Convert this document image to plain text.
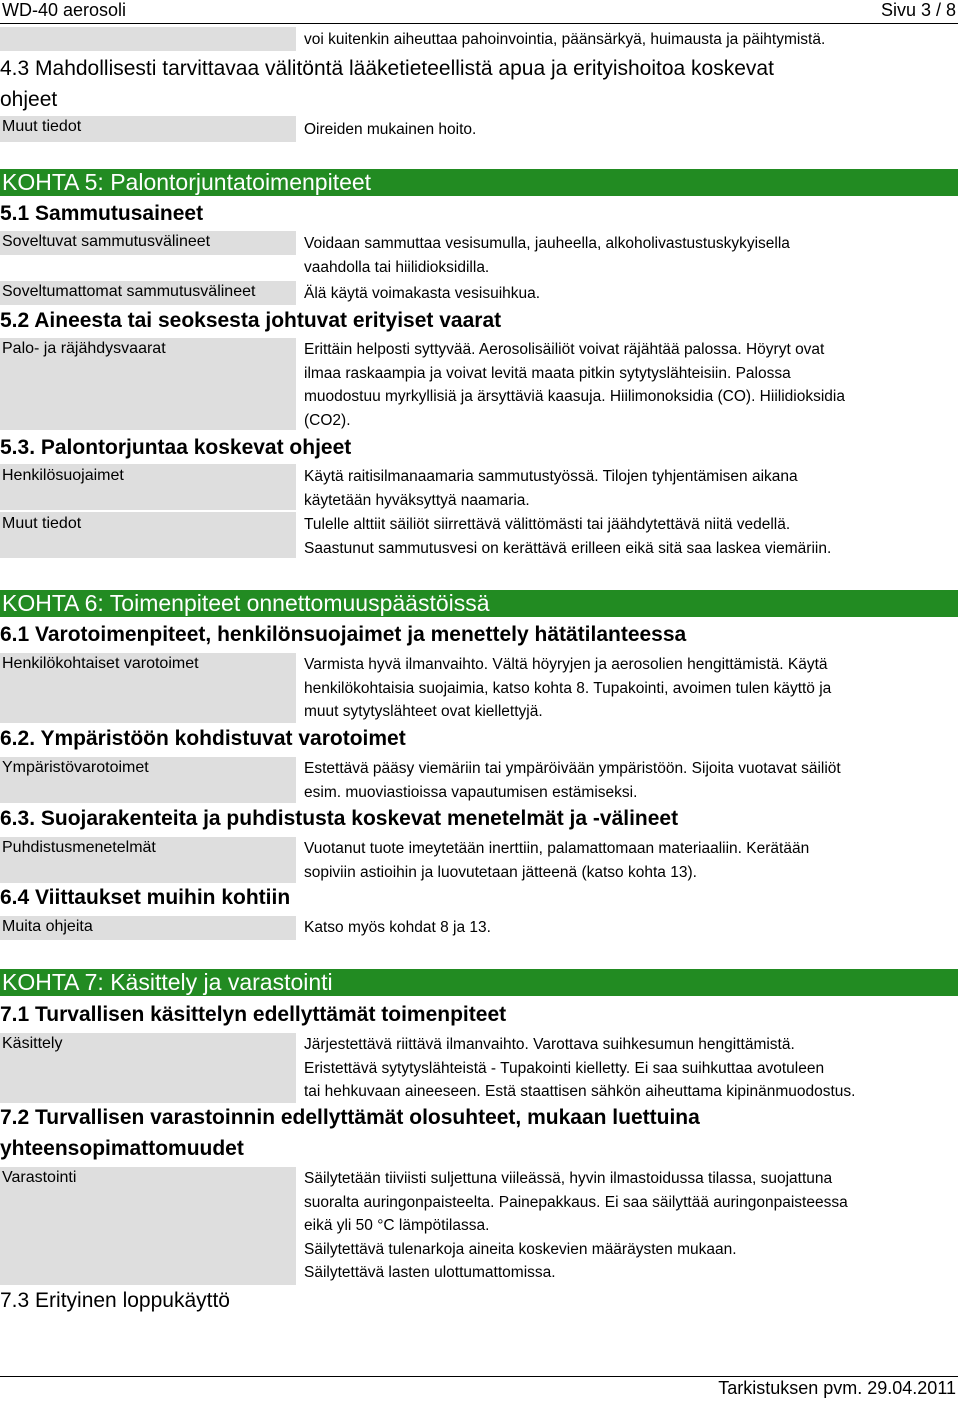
WD-40 aerosoli	Sivu 3 / 8
voi kuitenkin aiheuttaa pahoinvointia, päänsärkyä, huimausta ja päihtymistä.
4.3 Mahdollisesti tarvittavaa välitöntä lääketieteellistä apua ja erityishoitoa koskevat
ohjeet
Muut tiedot	Oireiden mukainen hoito.
KOHTA 5: Palontorjuntatoimenpiteet
5.1 Sammutusaineet
Soveltuvat sammutusvälineet	Voidaan sammuttaa vesisumulla, jauheella, alkoholivastustuskykyisella
vaahdolla tai hiilidioksidilla.
Soveltumattomat sammutusvälineet	Älä käytä voimakasta vesisuihkua.
5.2 Aineesta tai seoksesta johtuvat erityiset vaarat
Palo- ja räjähdysvaarat	Erittäin helposti syttyvää. Aerosolisäiliöt voivat räjähtää palossa. Höyryt ovat
ilmaa raskaampia ja voivat levitä maata pitkin sytytyslähteisiin. Palossa
muodostuu myrkyllisiä ja ärsyttäviä kaasuja. Hiilimonoksidia (CO). Hiilidioksidia
(CO2).
5.3. Palontorjuntaa koskevat ohjeet
Henkilösuojaimet	Käytä raitisilmanaamaria sammutustyössä. Tilojen tyhjentämisen aikana
käytetään hyväksyttyä naamaria.
Muut tiedot	Tulelle alttiit säiliöt siirrettävä välittömästi tai jäähdytettävä niitä vedellä.
Saastunut sammutusvesi on kerättävä erilleen eikä sitä saa laskea viemäriin.
KOHTA 6: Toimenpiteet onnettomuuspäästöissä
6.1 Varotoimenpiteet, henkilönsuojaimet ja menettely hätätilanteessa
Henkilökohtaiset varotoimet	Varmista hyvä ilmanvaihto. Vältä höyryjen ja aerosolien hengittämistä. Käytä
henkilökohtaisia suojaimia, katso kohta 8. Tupakointi, avoimen tulen käyttö ja
muut sytytyslähteet ovat kiellettyjä.
6.2. Ympäristöön kohdistuvat varotoimet
Ympäristövarotoimet	Estettävä pääsy viemäriin tai ympäröivään ympäristöön. Sijoita vuotavat säiliöt
esim. muoviastioissa vapautumisen estämiseksi.
6.3. Suojarakenteita ja puhdistusta koskevat menetelmät ja -välineet
Puhdistusmenetelmät	Vuotanut tuote imeytetään inerttiin, palamattomaan materiaaliin. Kerätään
sopiviin astioihin ja luovutetaan jätteenä (katso kohta 13).
6.4 Viittaukset muihin kohtiin
Muita ohjeita	Katso myös kohdat 8 ja 13.
KOHTA 7: Käsittely ja varastointi
7.1 Turvallisen käsittelyn edellyttämät toimenpiteet
Käsittely	Järjestettävä riittävä ilmanvaihto. Varottava suihkesumun hengittämistä.
Eristettävä sytytyslähteistä - Tupakointi kielletty. Ei saa suihkuttaa avotuleen
tai hehkuvaan aineeseen. Estä staattisen sähkön aiheuttama kipinänmuodostus.
7.2 Turvallisen varastoinnin edellyttämät olosuhteet, mukaan luettuina
yhteensopimattomuudet
Varastointi	Säilytetään tiiviisti suljettuna viileässä, hyvin ilmastoidussa tilassa, suojattuna
suoralta auringonpaisteelta. Painepakkaus. Ei saa säilyttää auringonpaisteessa
eikä yli 50 °C lämpötilassa.
Säilytettävä tulenarkoja aineita koskevien määräysten mukaan.
Säilytettävä lasten ulottumattomissa.
7.3 Erityinen loppukäyttö
Tarkistuksen pvm. 29.04.2011
